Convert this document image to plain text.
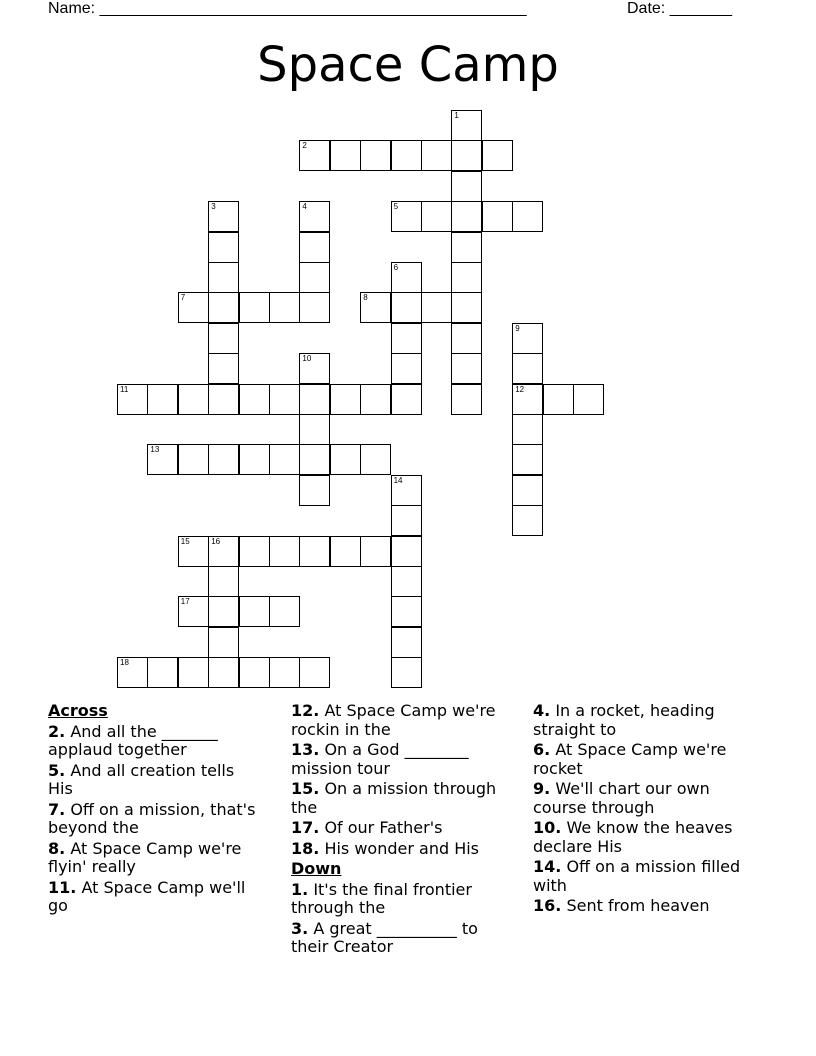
Name: ________________________________________________	Date: _______
Space Camp
1
2
3	4	5
6
7	8
9
12
10
11
13
14
15	16
17
18
Across
2. And all the _______ applaud together
5. And all creation tells His
7. Off on a mission, that's beyond the
8. At Space Camp we're flyin' really
11. At Space Camp we'll go
12. At Space Camp we're rockin in the
13. On a God ________ mission tour
15. On a mission through the
17. Of our Father's
18. His wonder and His
Down
1. It's the final frontier through the
3. A great __________ to their Creator
4. In a rocket, heading straight to
6. At Space Camp we're rocket
9. We'll chart our own course through
10. We know the heaves declare His
14. Off on a mission filled with
16. Sent from heaven
